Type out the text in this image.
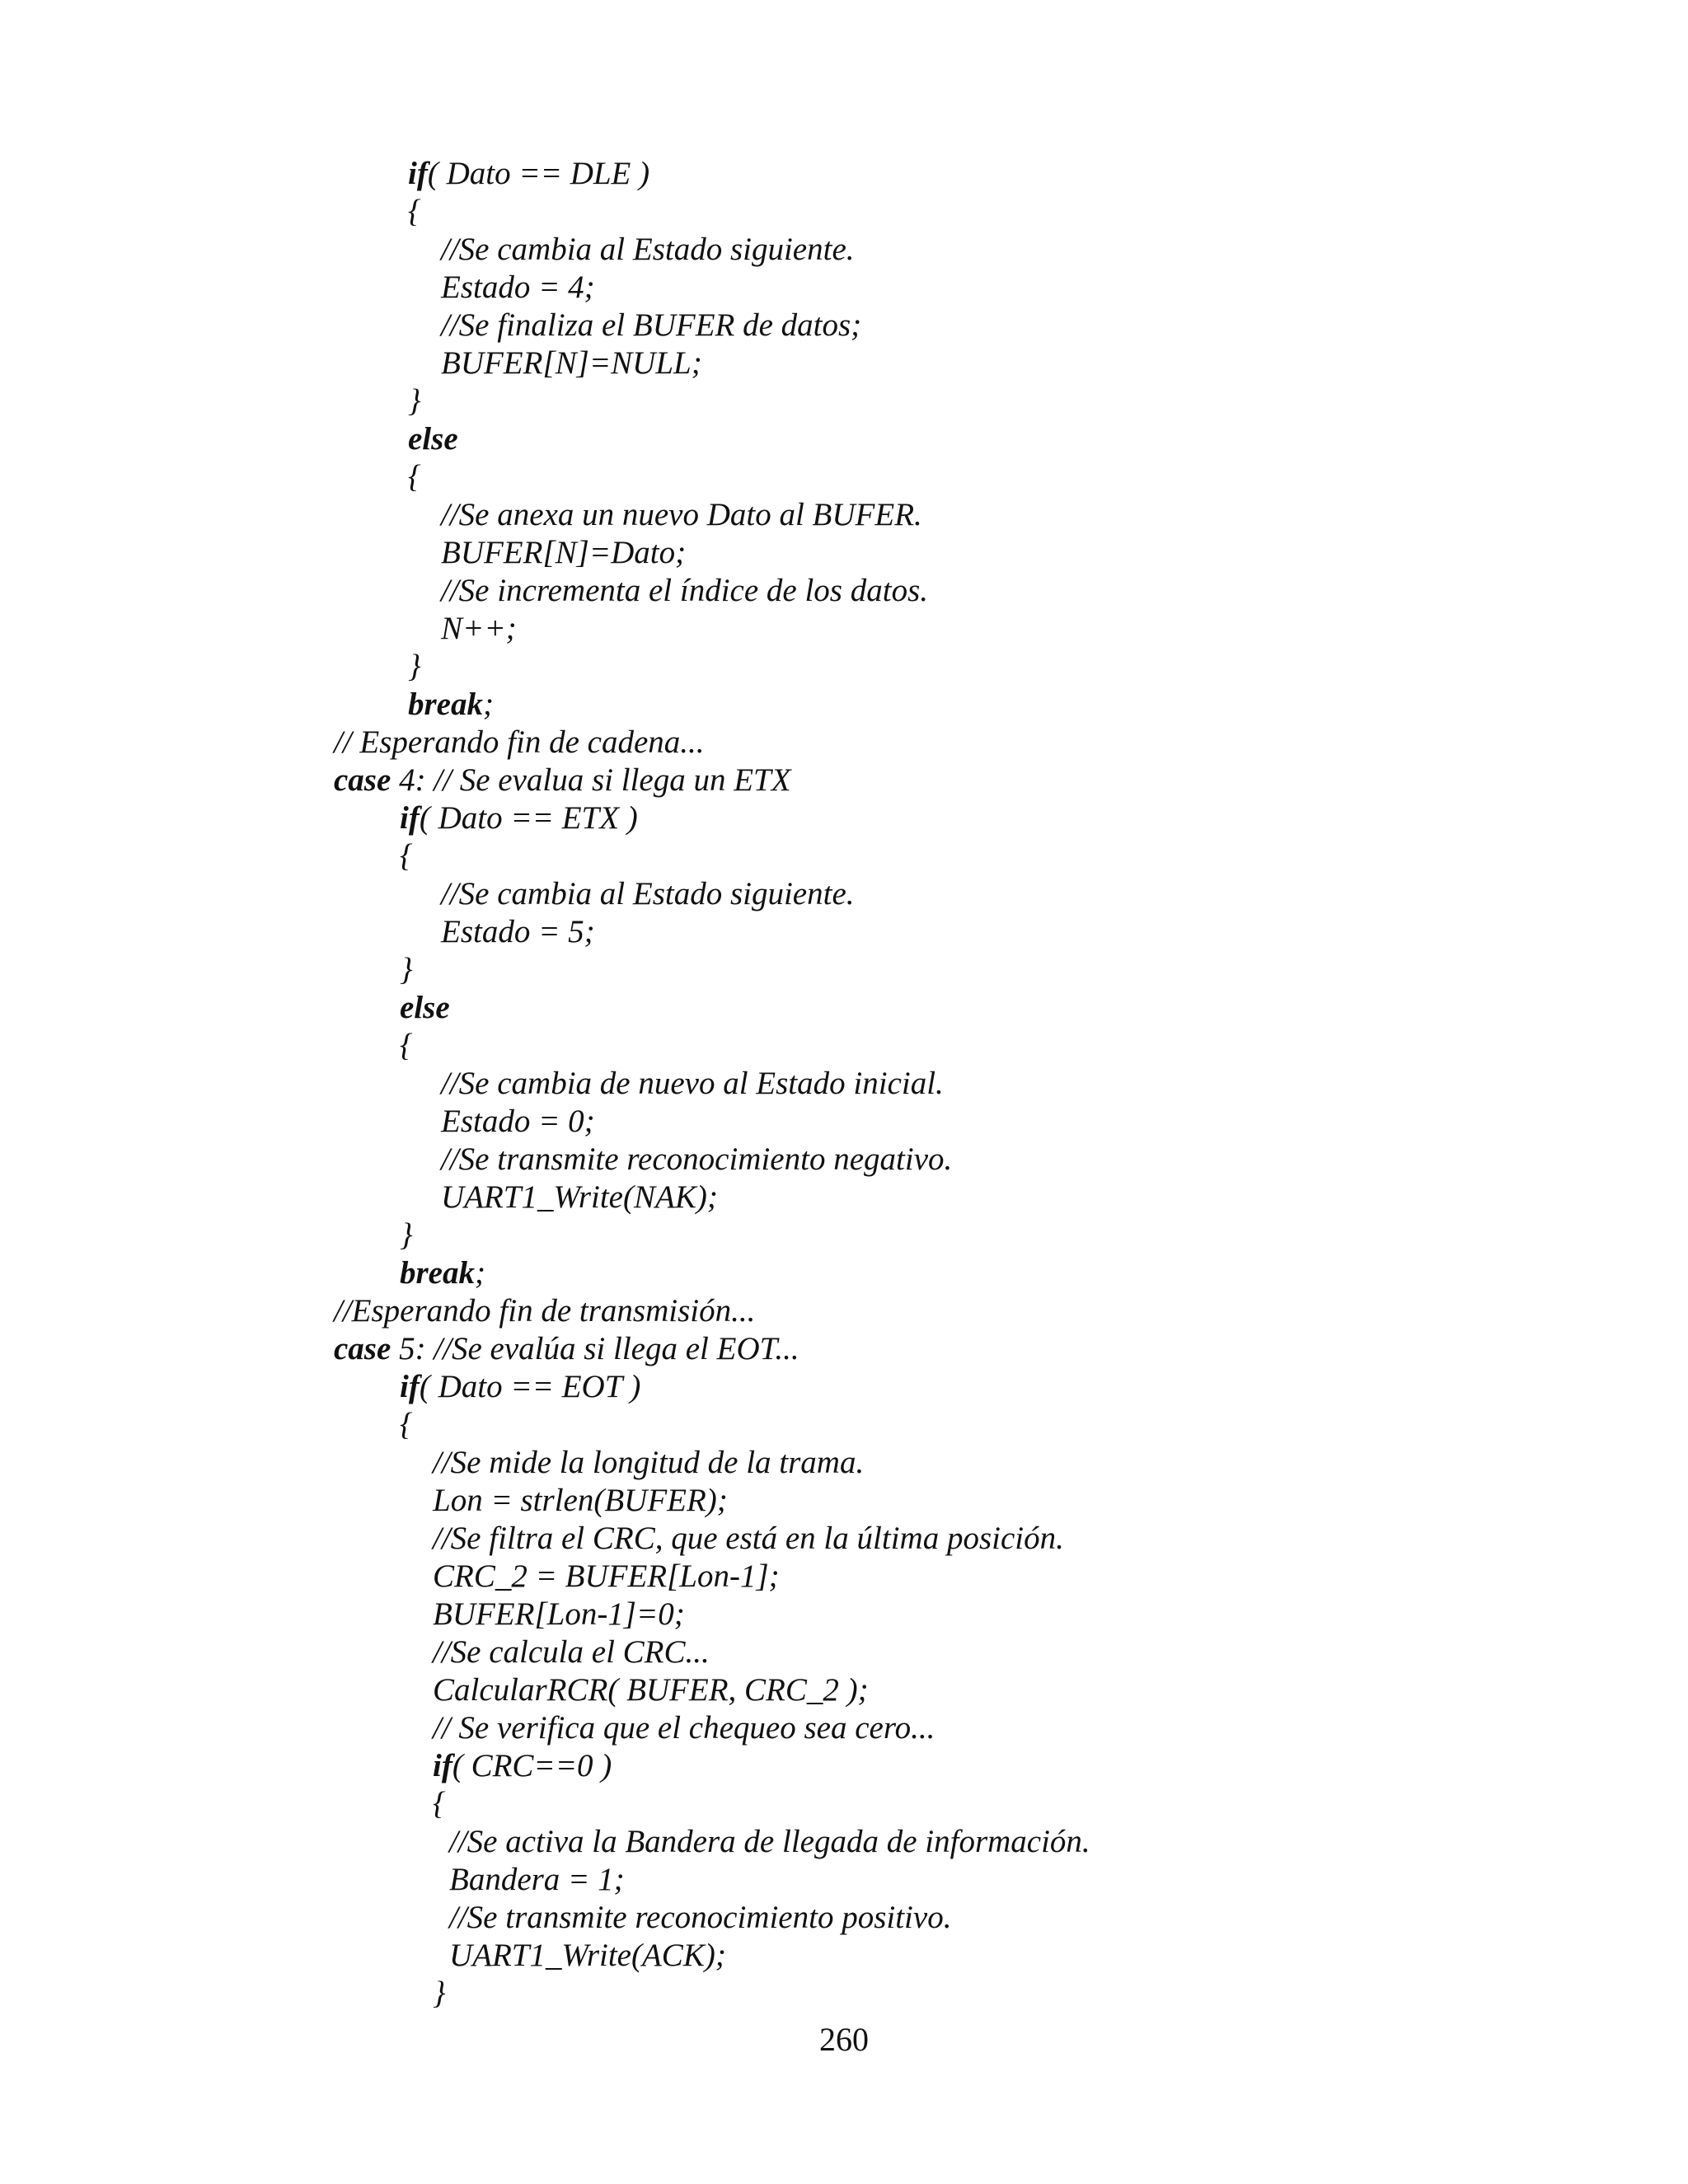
if( Dato == DLE )
{
//Se cambia al Estado siguiente.
Estado = 4;
//Se finaliza el BUFER de datos;
BUFER[N]=NULL;
}
else
{
//Se anexa un nuevo Dato al BUFER.
BUFER[N]=Dato;
//Se incrementa el índice de los datos.
N++;
}
break;
// Esperando fin de cadena...
case 4: // Se evalua si llega un ETX
if( Dato == ETX )
{
//Se cambia al Estado siguiente.
Estado = 5;
}
else
{
//Se cambia de nuevo al Estado inicial.
Estado = 0;
//Se transmite reconocimiento negativo.
UART1_Write(NAK);
}
break;
//Esperando fin de transmisión...
case 5: //Se evalúa si llega el EOT...
if( Dato == EOT )
{
//Se mide la longitud de la trama.
Lon = strlen(BUFER);
//Se filtra el CRC, que está en la última posición.
CRC_2 = BUFER[Lon-1];
BUFER[Lon-1]=0;
//Se calcula el CRC...
CalcularRCR( BUFER, CRC_2 );
// Se verifica que el chequeo sea cero...
if( CRC==0 )
{
//Se activa la Bandera de llegada de información.
Bandera = 1;
//Se transmite reconocimiento positivo.
UART1_Write(ACK);
}
260
